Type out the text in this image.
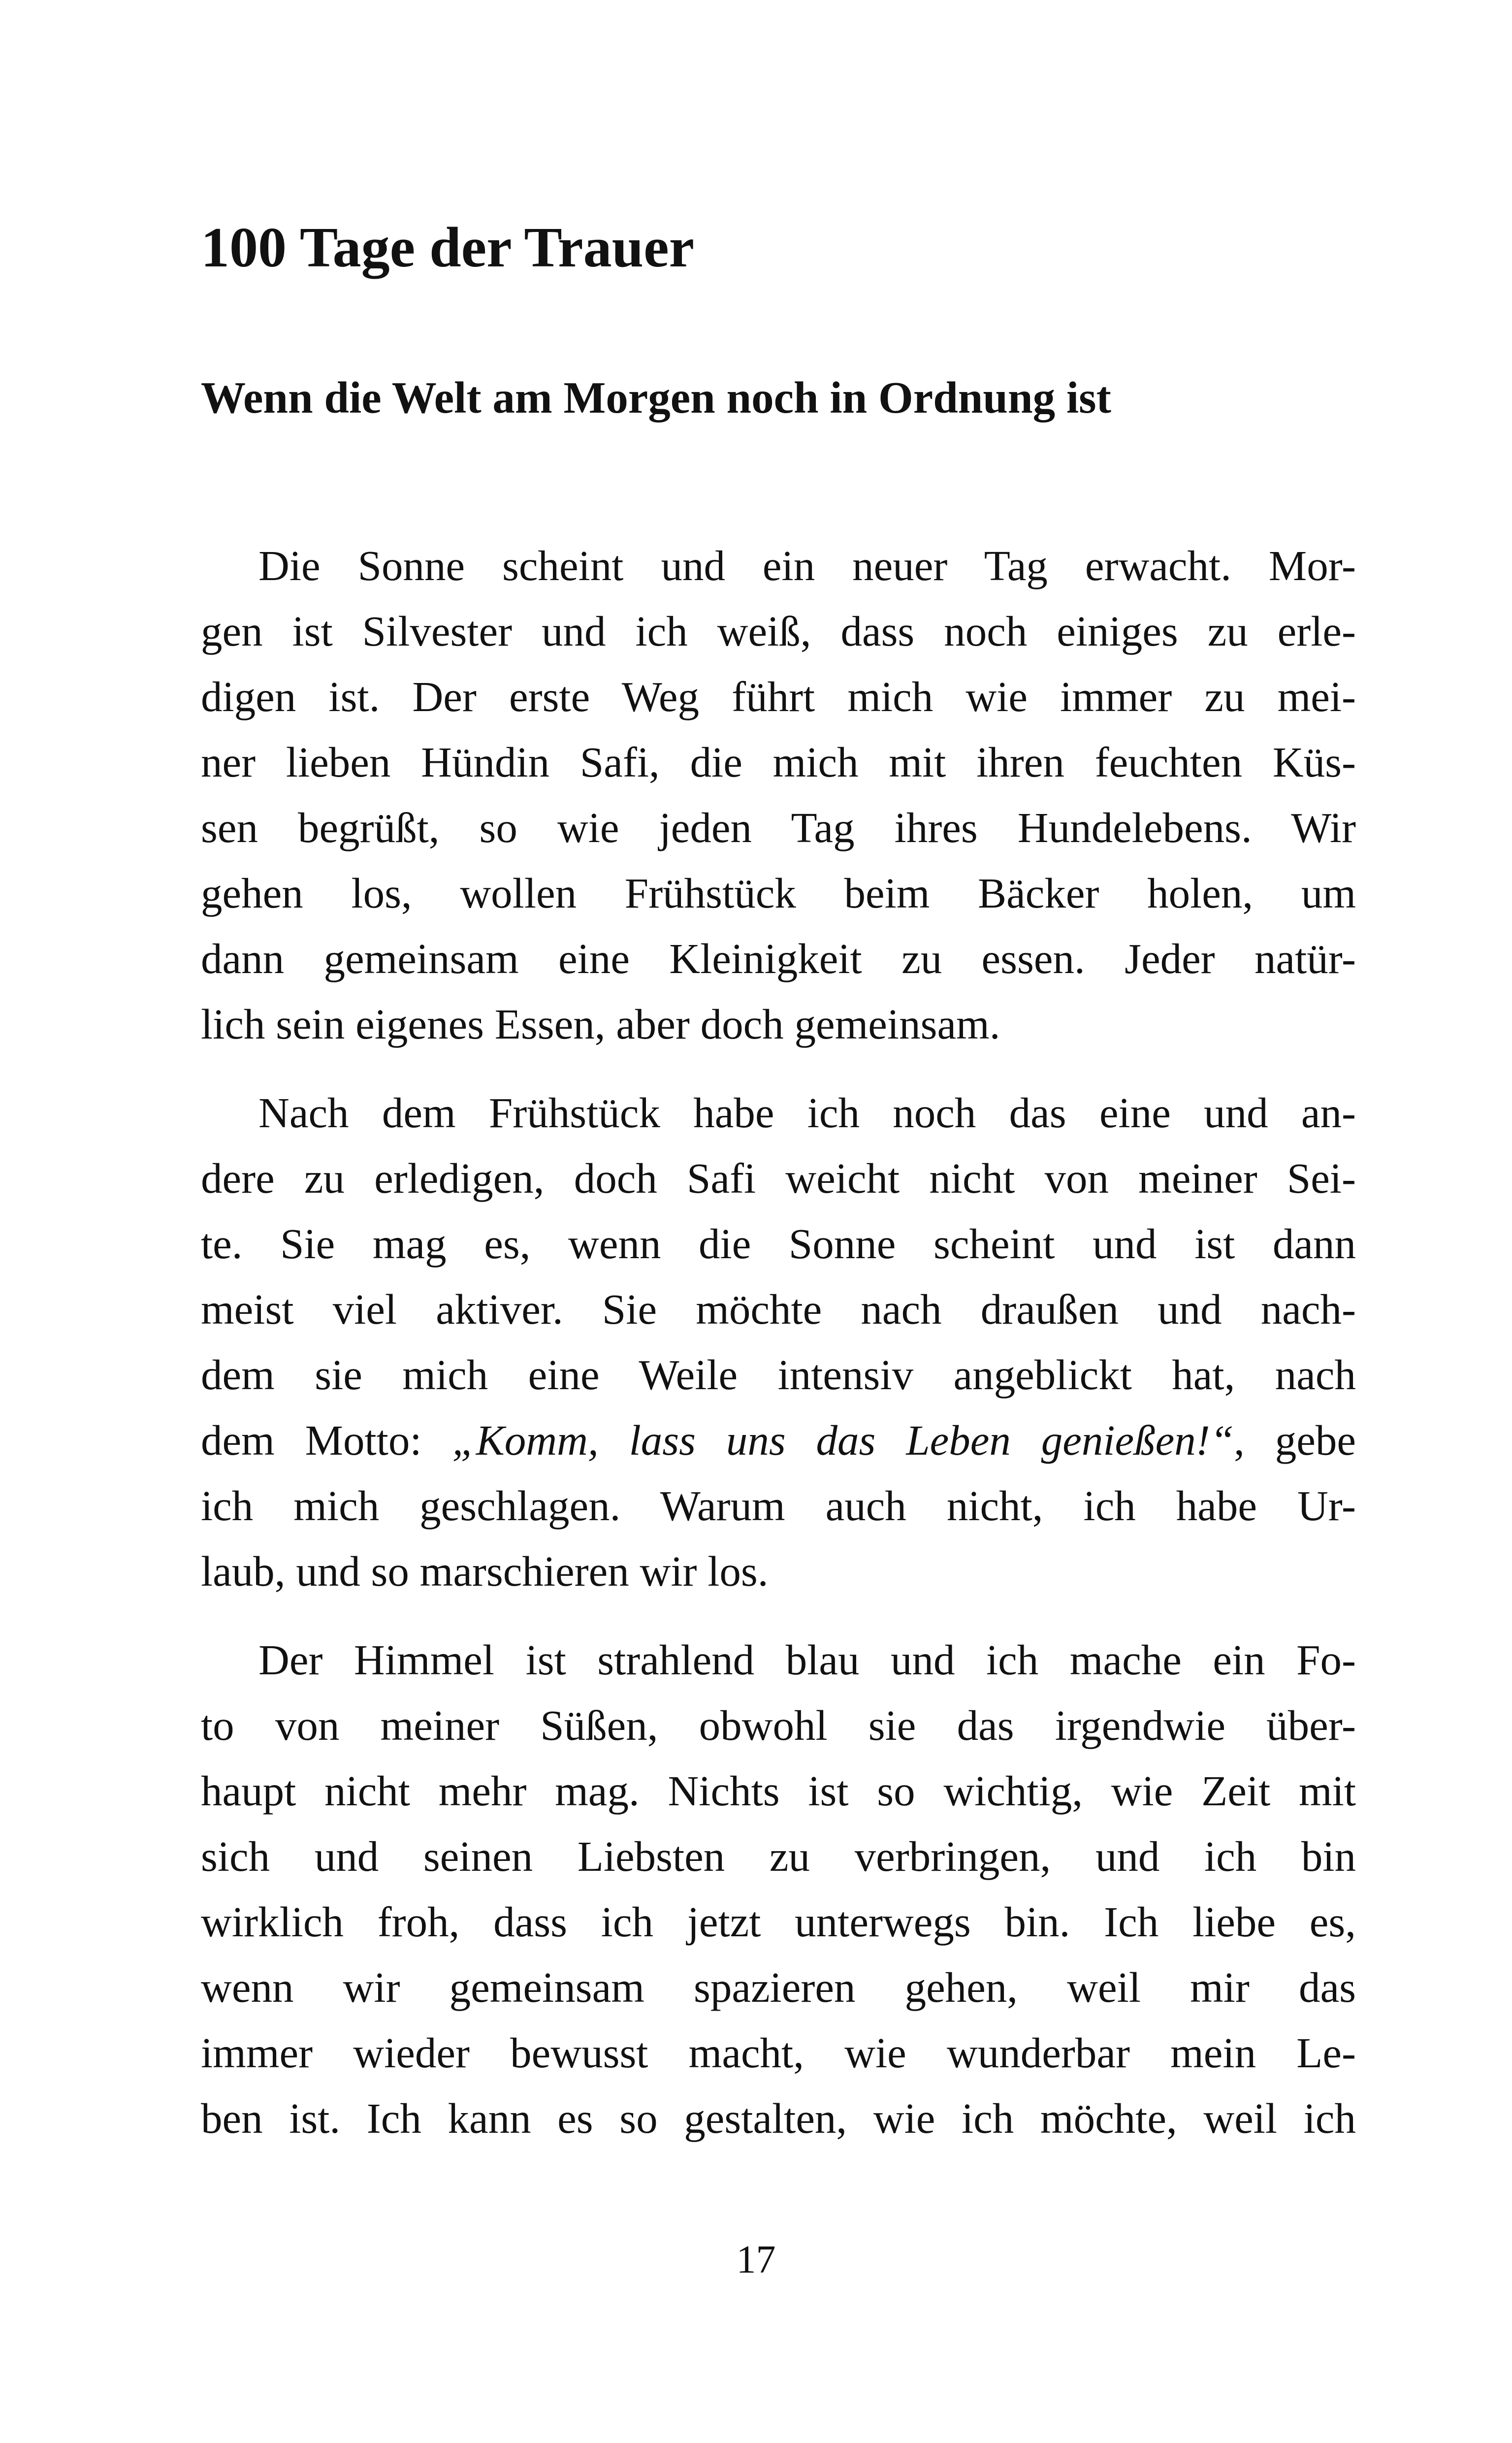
100 Tage der Trauer
Wenn die Welt am Morgen noch in Ordnung ist

Die Sonne scheint und ein neuer Tag erwacht. Mor-
gen ist Silvester und ich weiß, dass noch einiges zu erle-
digen ist. Der erste Weg führt mich wie immer zu mei-
ner lieben Hündin Safi, die mich mit ihren feuchten Küs-
sen begrüßt, so wie jeden Tag ihres Hundelebens. Wir
gehen los, wollen Frühstück beim Bäcker holen, um
dann gemeinsam eine Kleinigkeit zu essen. Jeder natür-
lich sein eigenes Essen, aber doch gemeinsam.

Nach dem Frühstück habe ich noch das eine und an-
dere zu erledigen, doch Safi weicht nicht von meiner Sei-
te. Sie mag es, wenn die Sonne scheint und ist dann
meist viel aktiver. Sie möchte nach draußen und nach-
dem sie mich eine Weile intensiv angeblickt hat, nach
dem Motto: „Komm, lass uns das Leben genießen!“, gebe
ich mich geschlagen. Warum auch nicht, ich habe Ur-
laub, und so marschieren wir los.

Der Himmel ist strahlend blau und ich mache ein Fo-
to von meiner Süßen, obwohl sie das irgendwie über-
haupt nicht mehr mag. Nichts ist so wichtig, wie Zeit mit
sich und seinen Liebsten zu verbringen, und ich bin
wirklich froh, dass ich jetzt unterwegs bin. Ich liebe es,
wenn wir gemeinsam spazieren gehen, weil mir das
immer wieder bewusst macht, wie wunderbar mein Le-
ben ist. Ich kann es so gestalten, wie ich möchte, weil ich

17
